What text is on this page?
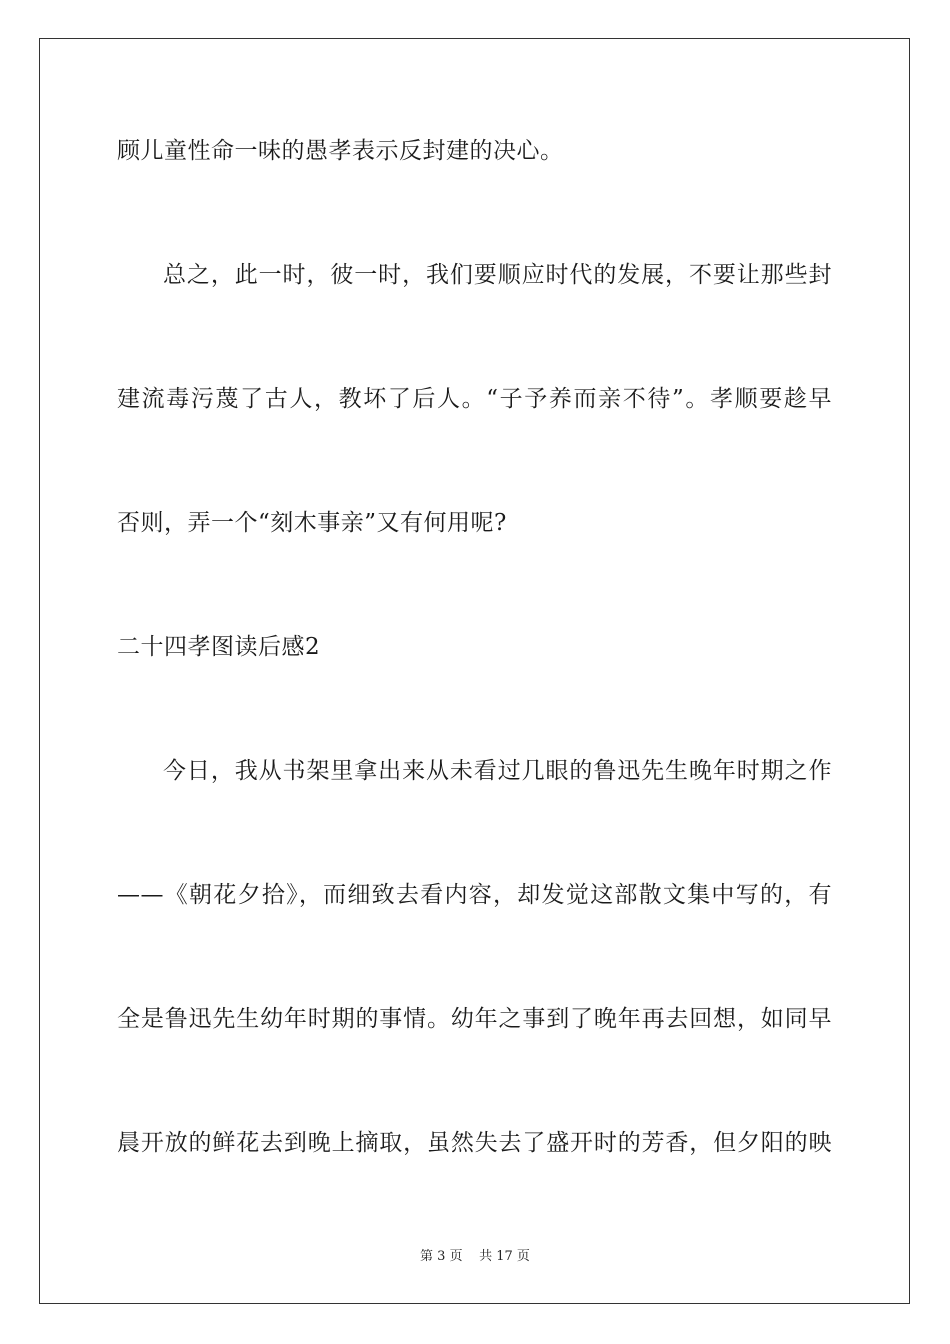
顾儿童性命一味的愚孝表示反封建的决心。
总之，此一时，彼一时，我们要顺应时代的发展，不要让那些封
建流毒污蔑了古人，教坏了后人。“子予养而亲不待”。孝顺要趁早
否则，弄一个“刻木事亲”又有何用呢?
二十四孝图读后感2
今日，我从书架里拿出来从未看过几眼的鲁迅先生晚年时期之作
——《朝花夕拾》，而细致去看内容，却发觉这部散文集中写的，有
全是鲁迅先生幼年时期的事情。幼年之事到了晚年再去回想，如同早
晨开放的鲜花去到晚上摘取，虽然失去了盛开时的芳香，但夕阳的映
第 3 页 共 17 页
